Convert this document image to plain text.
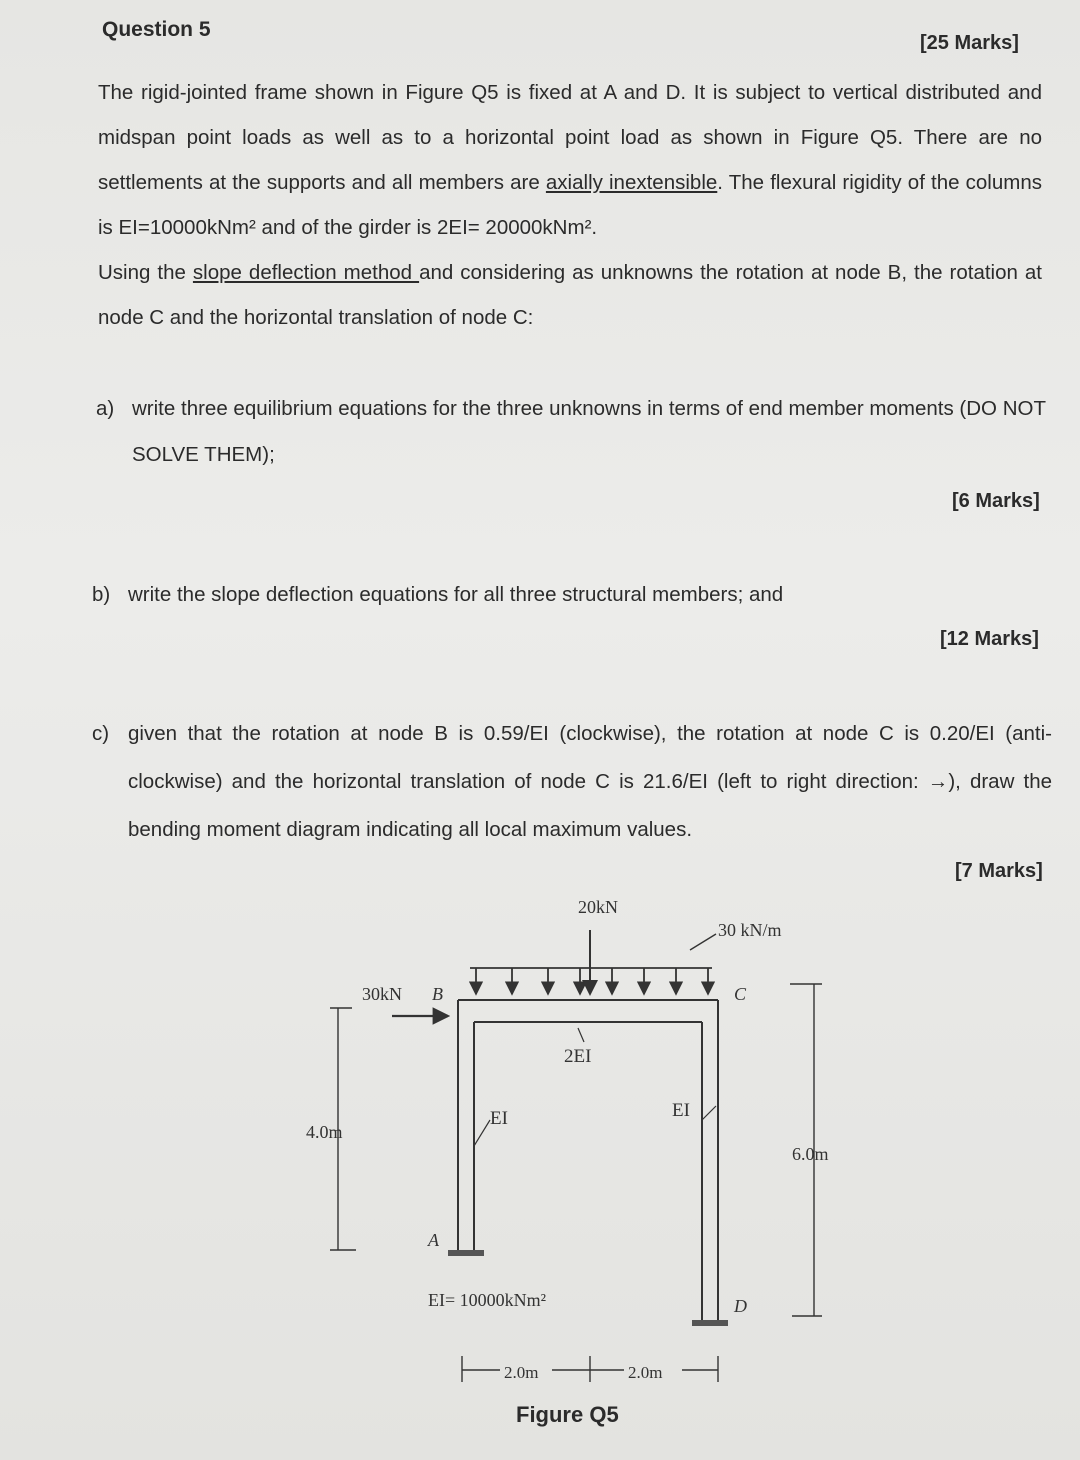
Question 5
[25 Marks]

The rigid-jointed frame shown in Figure Q5 is fixed at A and D. It is subject to vertical distributed and midspan point loads as well as to a horizontal point load as shown in Figure Q5. There are no settlements at the supports and all members are axially inextensible. The flexural rigidity of the columns is EI=10000kNm² and of the girder is 2EI= 20000kNm².

Using the slope deflection method and considering as unknowns the rotation at node B, the rotation at node C and the horizontal translation of node C:

a) write three equilibrium equations for the three unknowns in terms of end member moments (DO NOT SOLVE THEM);
[6 Marks]
b) write the slope deflection equations for all three structural members; and
[12 Marks]
c) given that the rotation at node B is 0.59/EI (clockwise), the rotation at node C is 0.20/EI (anti-clockwise) and the horizontal translation of node C is 21.6/EI (left to right direction: →), draw the bending moment diagram indicating all local maximum values.
[7 Marks]
20kN
30 kN/m
30kN B	C
A
D
2EI
EI	EI
4.0m
6.0m
EI= 10000kNm²
2.0m	2.0m
Figure Q5
